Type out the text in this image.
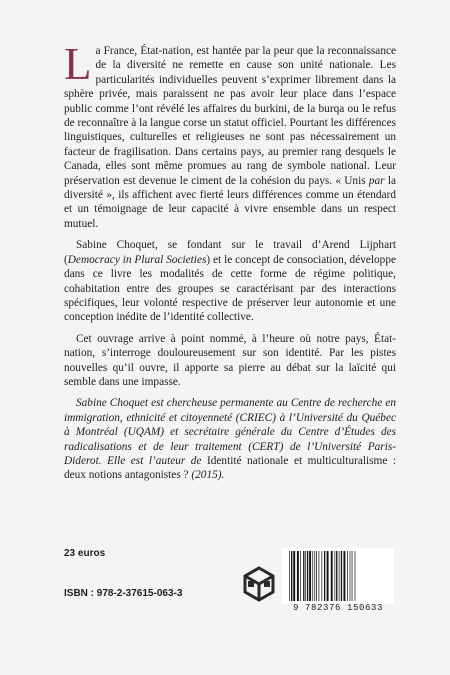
La France, État-nation, est hantée par la peur que la reconnaissance de la diversité ne remette en cause son unité nationale. Les particularités individuelles peuvent s’exprimer librement dans la sphère privée, mais paraissent ne pas avoir leur place dans l’espace public comme l’ont révélé les affaires du burkini, de la burqa ou le refus de reconnaître à la langue corse un statut officiel. Pourtant les différences linguistiques, culturelles et religieuses ne sont pas nécessairement un facteur de fragilisation. Dans certains pays, au premier rang desquels le Canada, elles sont même promues au rang de symbole national. Leur préservation est devenue le ciment de la cohésion du pays. « Unis par la diversité », ils affichent avec fierté leurs différences comme un étendard et un témoignage de leur capacité à vivre ensemble dans un respect mutuel.

Sabine Choquet, se fondant sur le travail d’Arend Lijphart (Democracy in Plural Societies) et le concept de consociation, développe dans ce livre les modalités de cette forme de régime politique, cohabitation entre des groupes se caractérisant par des interactions spécifiques, leur volonté respective de préserver leur autonomie et une conception inédite de l’identité collective.

Cet ouvrage arrive à point nommé, à l’heure où notre pays, État-nation, s’interroge douloureusement sur son identité. Par les pistes nouvelles qu’il ouvre, il apporte sa pierre au débat sur la laïcité qui semble dans une impasse.

Sabine Choquet est chercheuse permanente au Centre de recherche en immigration, ethnicité et citoyenneté (CRIEC) à l’Université du Québec à Montréal (UQAM) et secrétaire générale du Centre d’Études des radicalisations et de leur traitement (CERT) de l’Université Paris-Diderot. Elle est l’auteur de Identité nationale et multiculturalisme : deux notions antagonistes ? (2015).

23 euros
ISBN : 978-2-37615-063-3
9 782376 150633
